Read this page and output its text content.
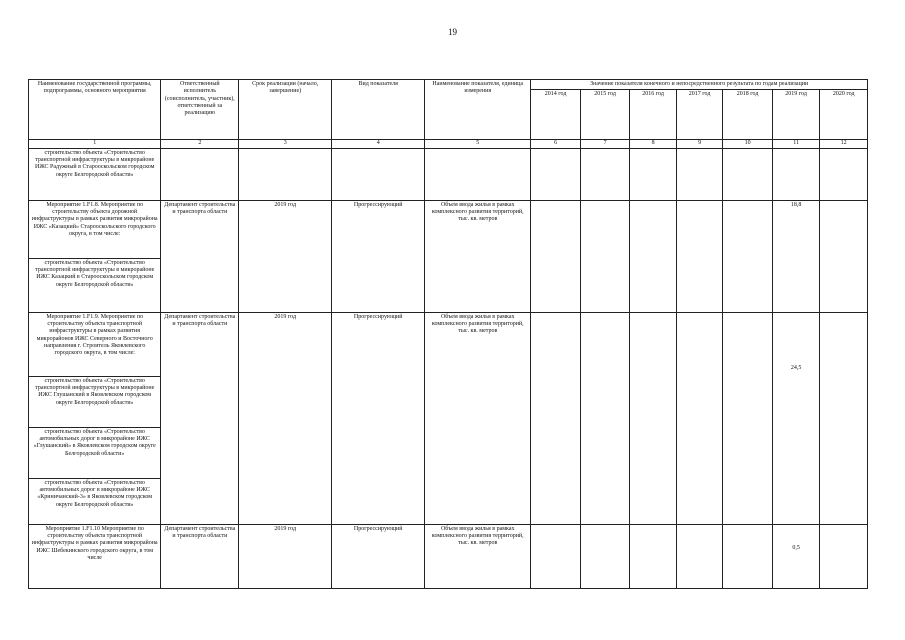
19
Наименование государственной программы, подпрограммы, основного мероприятия	Ответственный исполнитель (соисполнитель, участник), ответственный за реализацию	Срок реализации (начало, завершение)	Вид показателя	Наименование показателя, единица измерения	Значение показателя конечного и непосредственного результата по годам реализации						
					2014 год	2015 год	2016 год	2017 год	2018 год	2019 год	2020 год
1	2	3	4	5	6	7	8	9	10	11	12
строительство объекта «Строительство транспортной инфраструктуры в микрорайоне ИЖС Радужный в Старооскольском городском округе Белгородской области»											
Мероприятие 1.F1.8. Мероприятие по строительству объекта дорожной инфраструктуры в рамках развития микрорайона ИЖС «Казацкий» Старооскольского городского округа, в том числе:	Департамент строительства и транспорта области	2019 год	Прогрессирующий	Объем ввода жилья в рамках комплексного развития территорий, тыс. кв. метров						18,8	
строительство объекта «Строительство транспортной инфраструктуры в микрорайоне ИЖС Казацкий в Старооскольском городском округе Белгородской области»											
Мероприятие 1.F1.9. Мероприятие по строительству объекта транспортной инфраструктуры в рамках развития микрорайонов ИЖС Северного и Восточного направления г. Строитель Яковлевского городского округа, в том числе:	Департамент строительства и транспорта области	2019 год	Прогрессирующий	Объем ввода жилья в рамках комплексного развития территорий, тыс. кв. метров						24,5	
строительство объекта «Строительство транспортной инфраструктуры в микрорайоне ИЖС Глушанский в Яковлевском городском округе Белгородской области»											
строительство объекта «Строительство автомобильных дорог в микрорайоне ИЖС «Глушанский» в Яковлевском городском округе Белгородской области»											
строительство объекта «Строительство автомобильных дорог в микрорайоне ИЖС «Криничанский-3» в Яковлевском городском округе Белгородской области»											
Мероприятие 1.F1.10 Мероприятие по строительству объекта транспортной инфраструктуры в рамках развития микрорайона ИЖС Шебекинского городского округа, в том числе	Департамент строительства и транспорта области	2019 год	Прогрессирующий	Объем ввода жилья в рамках комплексного развития территорий, тыс. кв. метров						0,5	
